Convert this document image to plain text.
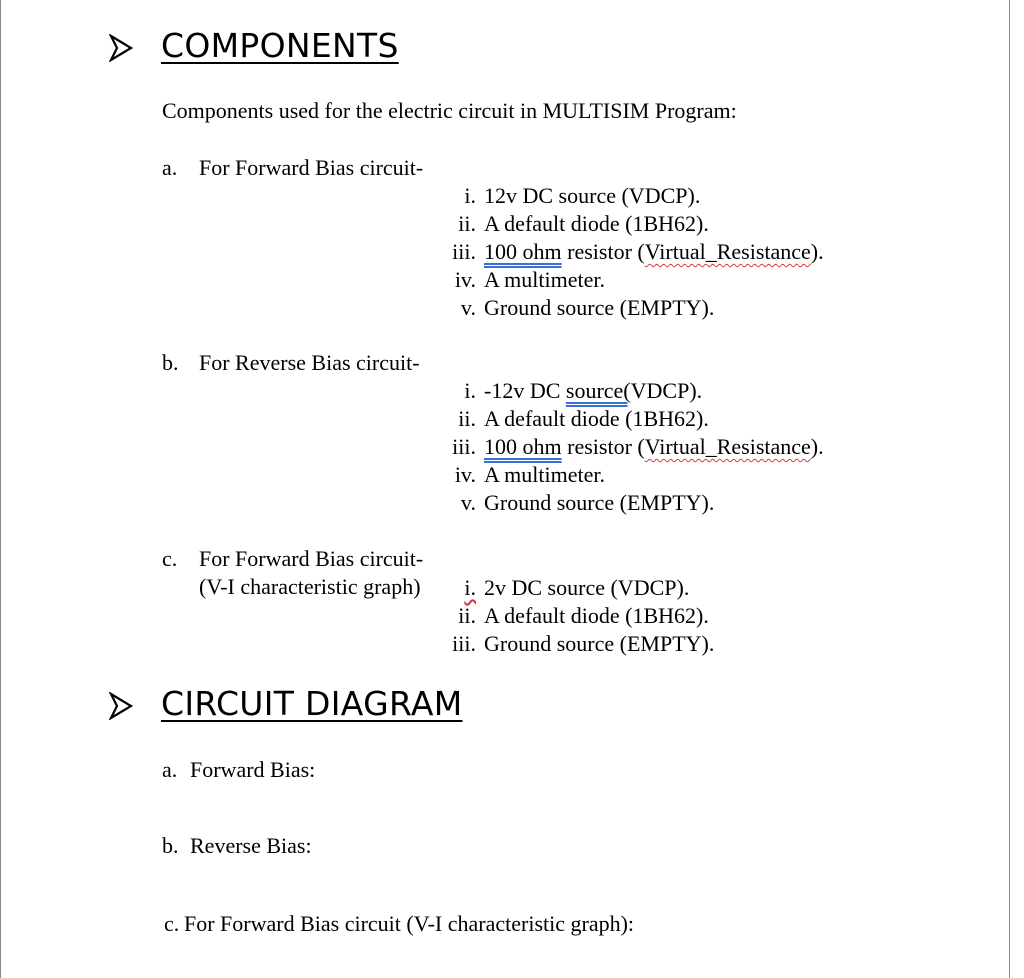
COMPONENTS
Components used for the electric circuit in MULTISIM Program:
a. For Forward Bias circuit-
i. 12v DC source (VDCP).
ii. A default diode (1BH62).
iii. 100 ohm resistor (Virtual_Resistance).
iv. A multimeter.
v. Ground source (EMPTY).
b. For Reverse Bias circuit-
i. -12v DC source(VDCP).
ii. A default diode (1BH62).
iii. 100 ohm resistor (Virtual_Resistance).
iv. A multimeter.
v. Ground source (EMPTY).
c. For Forward Bias circuit-
(V-I characteristic graph)	i. 2v DC source (VDCP).
ii. A default diode (1BH62).
iii. Ground source (EMPTY).
CIRCUIT DIAGRAM
a. Forward Bias:
b. Reverse Bias:
c. For Forward Bias circuit (V-I characteristic graph):
